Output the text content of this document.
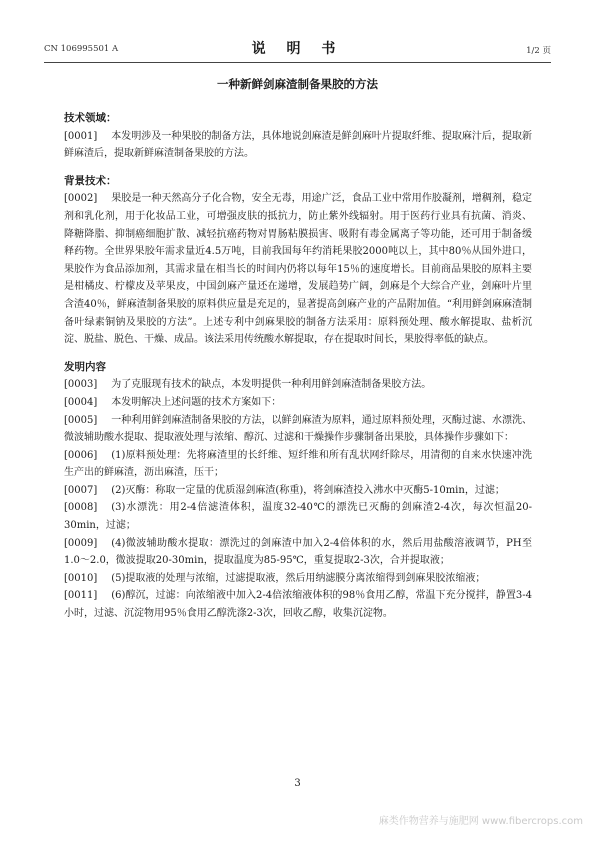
CN 106995501 A	说 明 书	1/2 页
一种新鲜剑麻渣制备果胶的方法

技术领域：

[0001] 本发明涉及一种果胶的制备方法，具体地说剑麻渣是鲜剑麻叶片提取纤维、提取麻汁后，提取新鲜麻渣后，提取新鲜麻渣制备果胶的方法。

背景技术：

[0002] 果胶是一种天然高分子化合物，安全无毒，用途广泛，食品工业中常用作胶凝剂，增稠剂，稳定剂和乳化剂，用于化妆品工业，可增强皮肤的抵抗力，防止紫外线辐射。用于医药行业具有抗菌、消炎、降糖降脂、抑制癌细胞扩散、减轻抗癌药物对胃肠粘膜损害、吸附有毒金属离子等功能，还可用于制备缓释药物。全世界果胶年需求量近4.5万吨，目前我国每年约消耗果胶2000吨以上，其中80％从国外进口，果胶作为食品添加剂，其需求量在相当长的时间内仍将以每年15％的速度增长。目前商品果胶的原料主要是柑橘皮、柠檬皮及苹果皮，中国剑麻产量还在递增，发展趋势广阔，剑麻是个大综合产业，剑麻叶片里含渣40％，鲜麻渣制备果胶的原料供应量是充足的，显著提高剑麻产业的产品附加值。“利用鲜剑麻麻渣制备叶绿素铜钠及果胶的方法”。上述专利中剑麻果胶的制备方法采用：原料预处理、酸水解提取、盐析沉淀、脱盐、脱色、干燥、成品。该法采用传统酸水解提取，存在提取时间长，果胶得率低的缺点。

发明内容

[0003] 为了克服现有技术的缺点，本发明提供一种利用鲜剑麻渣制备果胶方法。

[0004] 本发明解决上述问题的技术方案如下：

[0005] 一种利用鲜剑麻渣制备果胶的方法，以鲜剑麻渣为原料，通过原料预处理，灭酶过滤、水漂洗、微波辅助酸水提取、提取液处理与浓缩、醇沉、过滤和干燥操作步骤制备出果胶，具体操作步骤如下：

[0006] (1)原料预处理：先将麻渣里的长纤维、短纤维和所有乱状网纤除尽，用清彻的自来水快速冲洗生产出的鲜麻渣，沥出麻渣，压干；

[0007] (2)灭酶：称取一定量的优质湿剑麻渣(称重)，将剑麻渣投入沸水中灭酶5-10min，过滤；

[0008] (3)水漂洗：用2-4倍滤渣体积，温度32-40℃的漂洗已灭酶的剑麻渣2-4次，每次恒温20-30min，过滤；

[0009] (4)微波辅助酸水提取：漂洗过的剑麻渣中加入2-4倍体积的水，然后用盐酸溶液调节，PH至1.0～2.0，微波提取20-30min，提取温度为85-95℃，重复提取2-3次，合并提取液；

[0010] (5)提取液的处理与浓缩，过滤提取液，然后用纳滤膜分离浓缩得到剑麻果胶浓缩液；

[0011] (6)醇沉，过滤：向浓缩液中加入2-4倍浓缩液体积的98％食用乙醇，常温下充分搅拌，静置3-4小时，过滤、沉淀物用95％食用乙醇洗涤2-3次，回收乙醇，收集沉淀物。

3
麻类作物营养与施肥网 www.fibercrops.com
